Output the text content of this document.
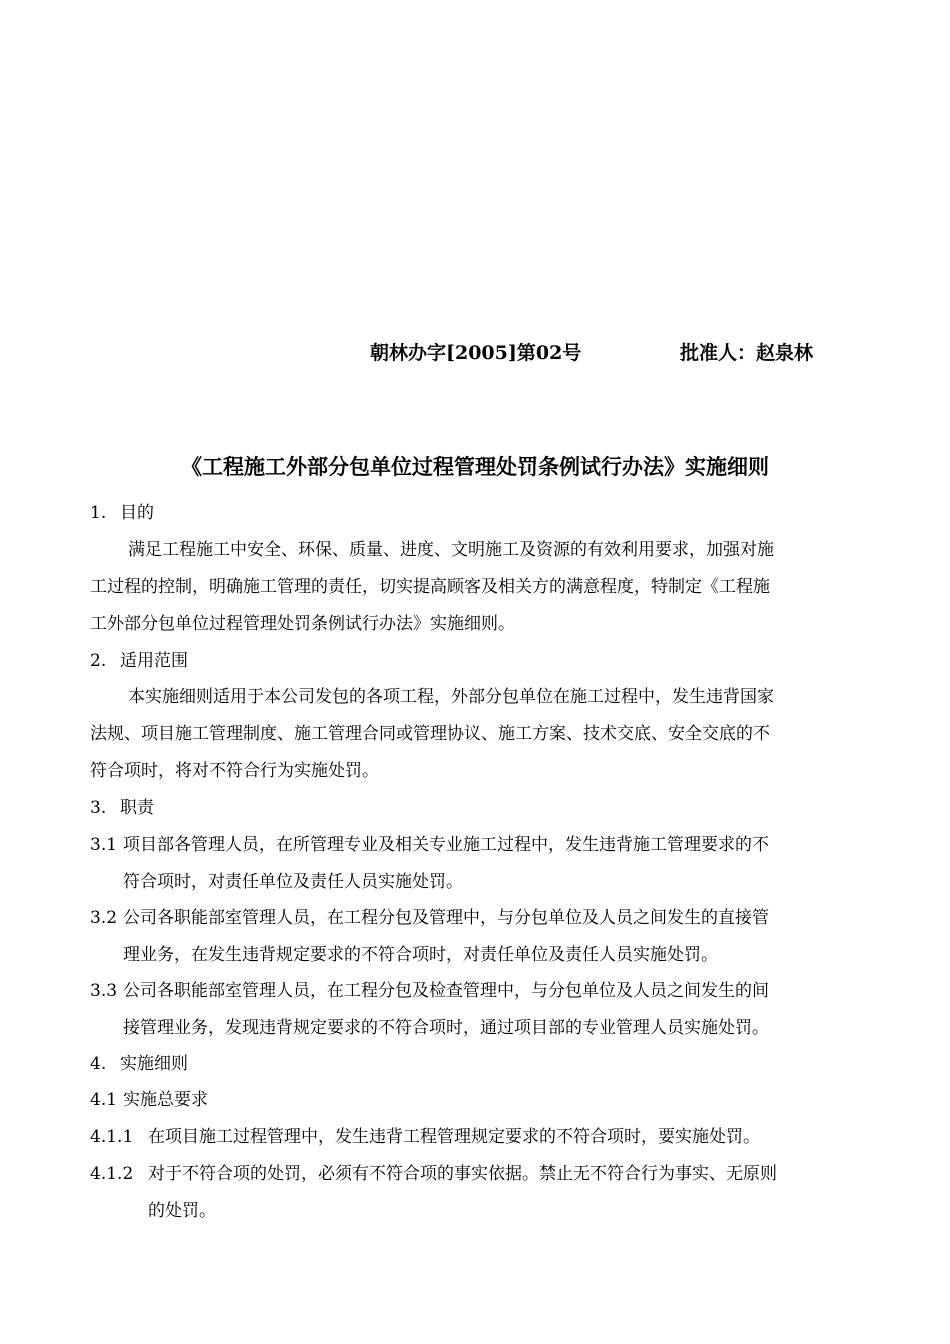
朝林办字[2005]第02号	批准人：赵泉林
《工程施工外部分包单位过程管理处罚条例试行办法》实施细则
1. 目的
满足工程施工中安全、环保、质量、进度、文明施工及资源的有效利用要求，加强对施
工过程的控制，明确施工管理的责任，切实提高顾客及相关方的满意程度，特制定《工程施
工外部分包单位过程管理处罚条例试行办法》实施细则。
2. 适用范围
本实施细则适用于本公司发包的各项工程，外部分包单位在施工过程中，发生违背国家
法规、项目施工管理制度、施工管理合同或管理协议、施工方案、技术交底、安全交底的不
符合项时，将对不符合行为实施处罚。
3. 职责
3.1 项目部各管理人员，在所管理专业及相关专业施工过程中，发生违背施工管理要求的不
符合项时，对责任单位及责任人员实施处罚。
3.2 公司各职能部室管理人员，在工程分包及管理中，与分包单位及人员之间发生的直接管
理业务，在发生违背规定要求的不符合项时，对责任单位及责任人员实施处罚。
3.3 公司各职能部室管理人员，在工程分包及检查管理中，与分包单位及人员之间发生的间
接管理业务，发现违背规定要求的不符合项时，通过项目部的专业管理人员实施处罚。
4. 实施细则
4.1 实施总要求
4.1.1 在项目施工过程管理中，发生违背工程管理规定要求的不符合项时，要实施处罚。
4.1.2 对于不符合项的处罚，必须有不符合项的事实依据。禁止无不符合行为事实、无原则
的处罚。
